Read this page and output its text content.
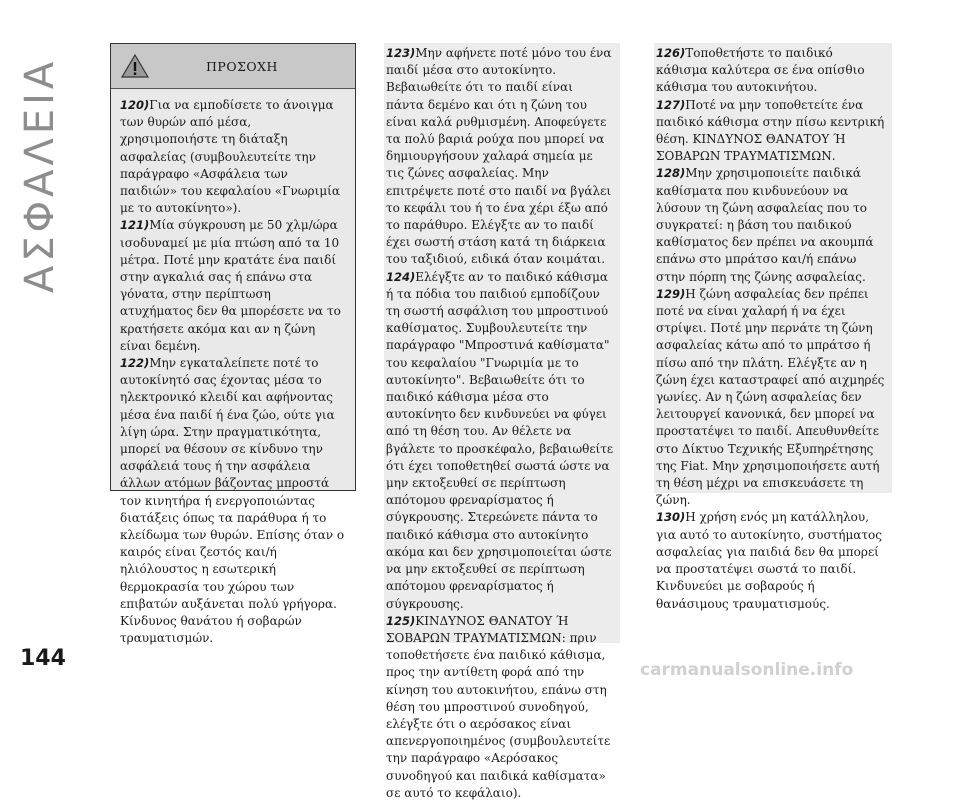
ΑΣΦΑΛΕΙΑ	ΠΡΟΣΟΧΗ

120)Για να εμποδίσετε το άνοιγμα των θυρών από μέσα, χρησιμοποιήστε τη διάταξη ασφαλείας (συμβουλευτείτε την παράγραφο «Ασφάλεια των παιδιών» του κεφαλαίου «Γνωριμία με το αυτοκίνητο»).

121)Μία σύγκρουση με 50 χλμ/ώρα ισοδυναμεί με μία πτώση από τα 10 μέτρα. Ποτέ μην κρατάτε ένα παιδί στην αγκαλιά σας ή επάνω στα γόνατα, στην περίπτωση ατυχήματος δεν θα μπορέσετε να το κρατήσετε ακόμα και αν η ζώνη είναι δεμένη.

122)Μην εγκαταλείπετε ποτέ το αυτοκίνητό σας έχοντας μέσα το ηλεκτρονικό κλειδί και αφήνοντας μέσα ένα παιδί ή ένα ζώο, ούτε για λίγη ώρα. Στην πραγματικότητα, μπορεί να θέσουν σε κίνδυνο την ασφάλειά τους ή την ασφάλεια άλλων ατόμων βάζοντας μπροστά τον κινητήρα ή ενεργοποιώντας διατάξεις όπως τα παράθυρα ή το κλείδωμα των θυρών. Επίσης όταν ο καιρός είναι ζεστός και/ή ηλιόλουστος η εσωτερική θερμοκρασία του χώρου των επιβατών αυξάνεται πολύ γρήγορα. Κίνδυνος θανάτου ή σοβαρών τραυματισμών.

123)Μην αφήνετε ποτέ μόνο του ένα παιδί μέσα στο αυτοκίνητο. Βεβαιωθείτε ότι το παιδί είναι πάντα δεμένο και ότι η ζώνη του είναι καλά ρυθμισμένη. Αποφεύγετε τα πολύ βαριά ρούχα που μπορεί να δημιουργήσουν χαλαρά σημεία με τις ζώνες ασφαλείας. Μην επιτρέψετε ποτέ στο παιδί να βγάλει το κεφάλι του ή το ένα χέρι έξω από το παράθυρο. Ελέγξτε αν το παιδί έχει σωστή στάση κατά τη διάρκεια του ταξιδιού, ειδικά όταν κοιμάται.

124)Ελέγξτε αν το παιδικό κάθισμα ή τα πόδια του παιδιού εμποδίζουν τη σωστή ασφάλιση του μπροστινού καθίσματος. Συμβουλευτείτε την παράγραφο "Μπροστινά καθίσματα" του κεφαλαίου "Γνωριμία με το αυτοκίνητο". Βεβαιωθείτε ότι το παιδικό κάθισμα μέσα στο αυτοκίνητο δεν κινδυνεύει να φύγει από τη θέση του. Αν θέλετε να βγάλετε το προσκέφαλο, βεβαιωθείτε ότι έχει τοποθετηθεί σωστά ώστε να μην εκτοξευθεί σε περίπτωση απότομου φρεναρίσματος ή σύγκρουσης. Στερεώνετε πάντα το παιδικό κάθισμα στο αυτοκίνητο ακόμα και δεν χρησιμοποιείται ώστε να μην εκτοξευθεί σε περίπτωση απότομου φρεναρίσματος ή σύγκρουσης.

125)ΚΙΝΔΥΝΟΣ ΘΑΝΑΤΟΥ Ή ΣΟΒΑΡΩΝ ΤΡΑΥΜΑΤΙΣΜΩΝ: πριν τοποθετήσετε ένα παιδικό κάθισμα, προς την αντίθετη φορά από την κίνηση του αυτοκινήτου, επάνω στη θέση του μπροστινού συνοδηγού, ελέγξτε ότι ο αερόσακος είναι απενεργοποιημένος (συμβουλευτείτε την παράγραφο «Αερόσακος συνοδηγού και παιδικά καθίσματα» σε αυτό το κεφάλαιο).

126)Τοποθετήστε το παιδικό κάθισμα καλύτερα σε ένα οπίσθιο κάθισμα του αυτοκινήτου.

127)Ποτέ να μην τοποθετείτε ένα παιδικό κάθισμα στην πίσω κεντρική θέση. ΚΙΝΔΥΝΟΣ ΘΑΝΑΤΟΥ Ή ΣΟΒΑΡΩΝ ΤΡΑΥΜΑΤΙΣΜΩΝ.

128)Μην χρησιμοποιείτε παιδικά καθίσματα που κινδυνεύουν να λύσουν τη ζώνη ασφαλείας που το συγκρατεί: η βάση του παιδικού καθίσματος δεν πρέπει να ακουμπά επάνω στο μπράτσο και/ή επάνω στην πόρπη της ζώνης ασφαλείας.

129)Η ζώνη ασφαλείας δεν πρέπει ποτέ να είναι χαλαρή ή να έχει στρίψει. Ποτέ μην περνάτε τη ζώνη ασφαλείας κάτω από το μπράτσο ή πίσω από την πλάτη. Ελέγξτε αν η ζώνη έχει καταστραφεί από αιχμηρές γωνίες. Αν η ζώνη ασφαλείας δεν λειτουργεί κανονικά, δεν μπορεί να προστατέψει το παιδί. Απευθυνθείτε στο Δίκτυο Τεχνικής Εξυπηρέτησης της Fiat. Μην χρησιμοποιήσετε αυτή τη θέση μέχρι να επισκευάσετε τη ζώνη.

130)Η χρήση ενός μη κατάλληλου, για αυτό το αυτοκίνητο, συστήματος ασφαλείας για παιδιά δεν θα μπορεί να προστατέψει σωστά το παιδί. Κινδυνεύει με σοβαρούς ή θανάσιμους τραυματισμούς.

144	carmanualsonline.info
